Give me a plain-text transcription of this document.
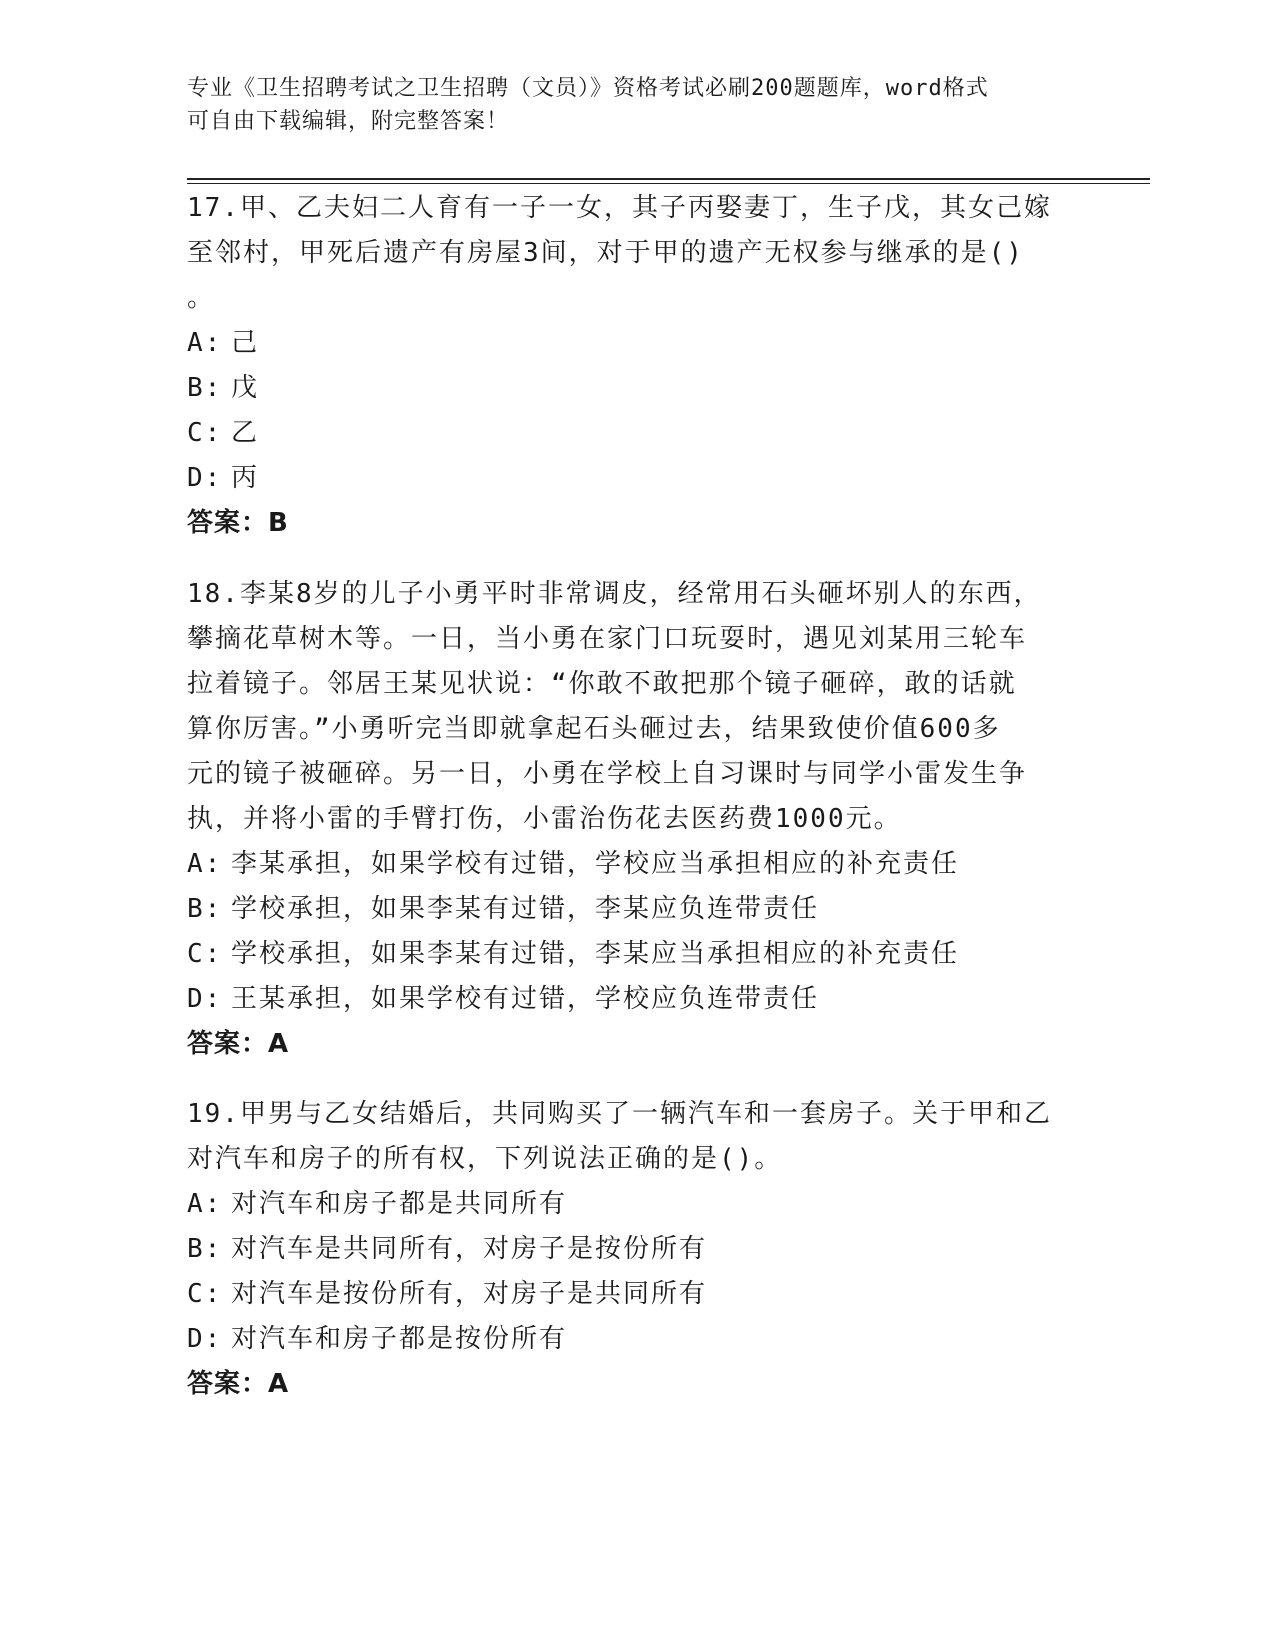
专业《卫生招聘考试之卫生招聘（文员）》资格考试必刷200题题库，word格式
可自由下载编辑，附完整答案！

17.甲、乙夫妇二人育有一子一女，其子丙娶妻丁，生子戊，其女己嫁

至邻村，甲死后遗产有房屋3间，对于甲的遗产无权参与继承的是()

。

A: 己

B: 戊

C: 乙

D: 丙

答案：B

18.李某8岁的儿子小勇平时非常调皮，经常用石头砸坏别人的东西，

攀摘花草树木等。一日，当小勇在家门口玩耍时，遇见刘某用三轮车

拉着镜子。邻居王某见状说：“你敢不敢把那个镜子砸碎，敢的话就

算你厉害。”小勇听完当即就拿起石头砸过去，结果致使价值600多

元的镜子被砸碎。另一日，小勇在学校上自习课时与同学小雷发生争

执，并将小雷的手臂打伤，小雷治伤花去医药费1000元。

A: 李某承担，如果学校有过错，学校应当承担相应的补充责任

B: 学校承担，如果李某有过错，李某应负连带责任

C: 学校承担，如果李某有过错，李某应当承担相应的补充责任

D: 王某承担，如果学校有过错，学校应负连带责任

答案：A

19.甲男与乙女结婚后，共同购买了一辆汽车和一套房子。关于甲和乙

对汽车和房子的所有权，下列说法正确的是()。

A: 对汽车和房子都是共同所有

B: 对汽车是共同所有，对房子是按份所有

C: 对汽车是按份所有，对房子是共同所有

D: 对汽车和房子都是按份所有

答案：A
